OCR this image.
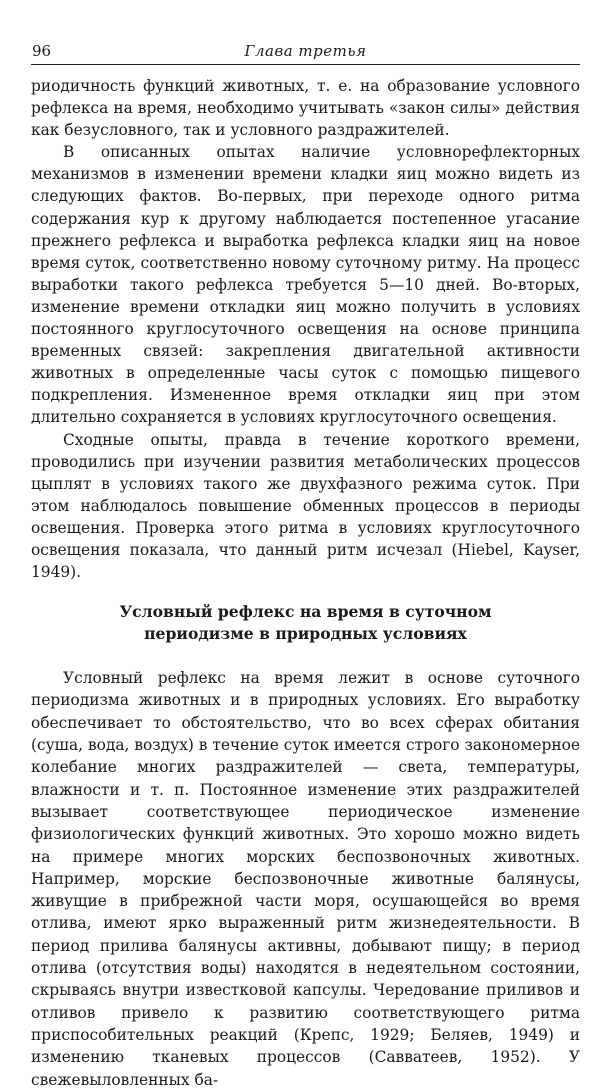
96	Глава третья

риодичность функций животных, т. е. на образование условного рефлекса на время, необходимо учитывать «закон силы» действия как безусловного, так и условного раздражителей.

В описанных опытах наличие условнорефлекторных механизмов в изменении времени кладки яиц можно видеть из следующих фактов. Во-первых, при переходе одного ритма содержания кур к другому наблюдается постепенное угасание прежнего рефлекса и выработка рефлекса кладки яиц на новое время суток, соответственно новому суточному ритму. На процесс выработки такого рефлекса требуется 5—10 дней. Во-вторых, изменение времени откладки яиц можно получить в условиях постоянного круглосуточного освещения на основе принципа временных связей: закрепления двигательной активности животных в определенные часы суток с помощью пищевого подкрепления. Измененное время откладки яиц при этом длительно сохраняется в условиях круглосуточного освещения.

Сходные опыты, правда в течение короткого времени, проводились при изучении развития метаболических процессов цыплят в условиях такого же двухфазного режима суток. При этом наблюдалось повышение обменных процессов в периоды освещения. Проверка этого ритма в условиях круглосуточного освещения показала, что данный ритм исчезал (Hiebel, Kayser, 1949).

Условный рефлекс на время в суточном периодизме в природных условиях

Условный рефлекс на время лежит в основе суточного периодизма животных и в природных условиях. Его выработку обеспечивает то обстоятельство, что во всех сферах обитания (суша, вода, воздух) в течение суток имеется строго закономерное колебание многих раздражителей — света, температуры, влажности и т. п. Постоянное изменение этих раздражителей вызывает соответствующее периодическое изменение физиологических функций животных. Это хорошо можно видеть на примере многих морских беспозвоночных животных. Например, морские беспозвоночные животные балянусы, живущие в прибрежной части моря, осушающейся во время отлива, имеют ярко выраженный ритм жизнедеятельности. В период прилива балянусы активны, добывают пищу; в период отлива (отсутствия воды) находятся в недеятельном состоянии, скрываясь внутри известковой капсулы. Чередование приливов и отливов привело к развитию соответствующего ритма приспособительных реакций (Крепс, 1929; Беляев, 1949) и изменению тканевых процессов (Савватеев, 1952). У свежевыловленных ба-
